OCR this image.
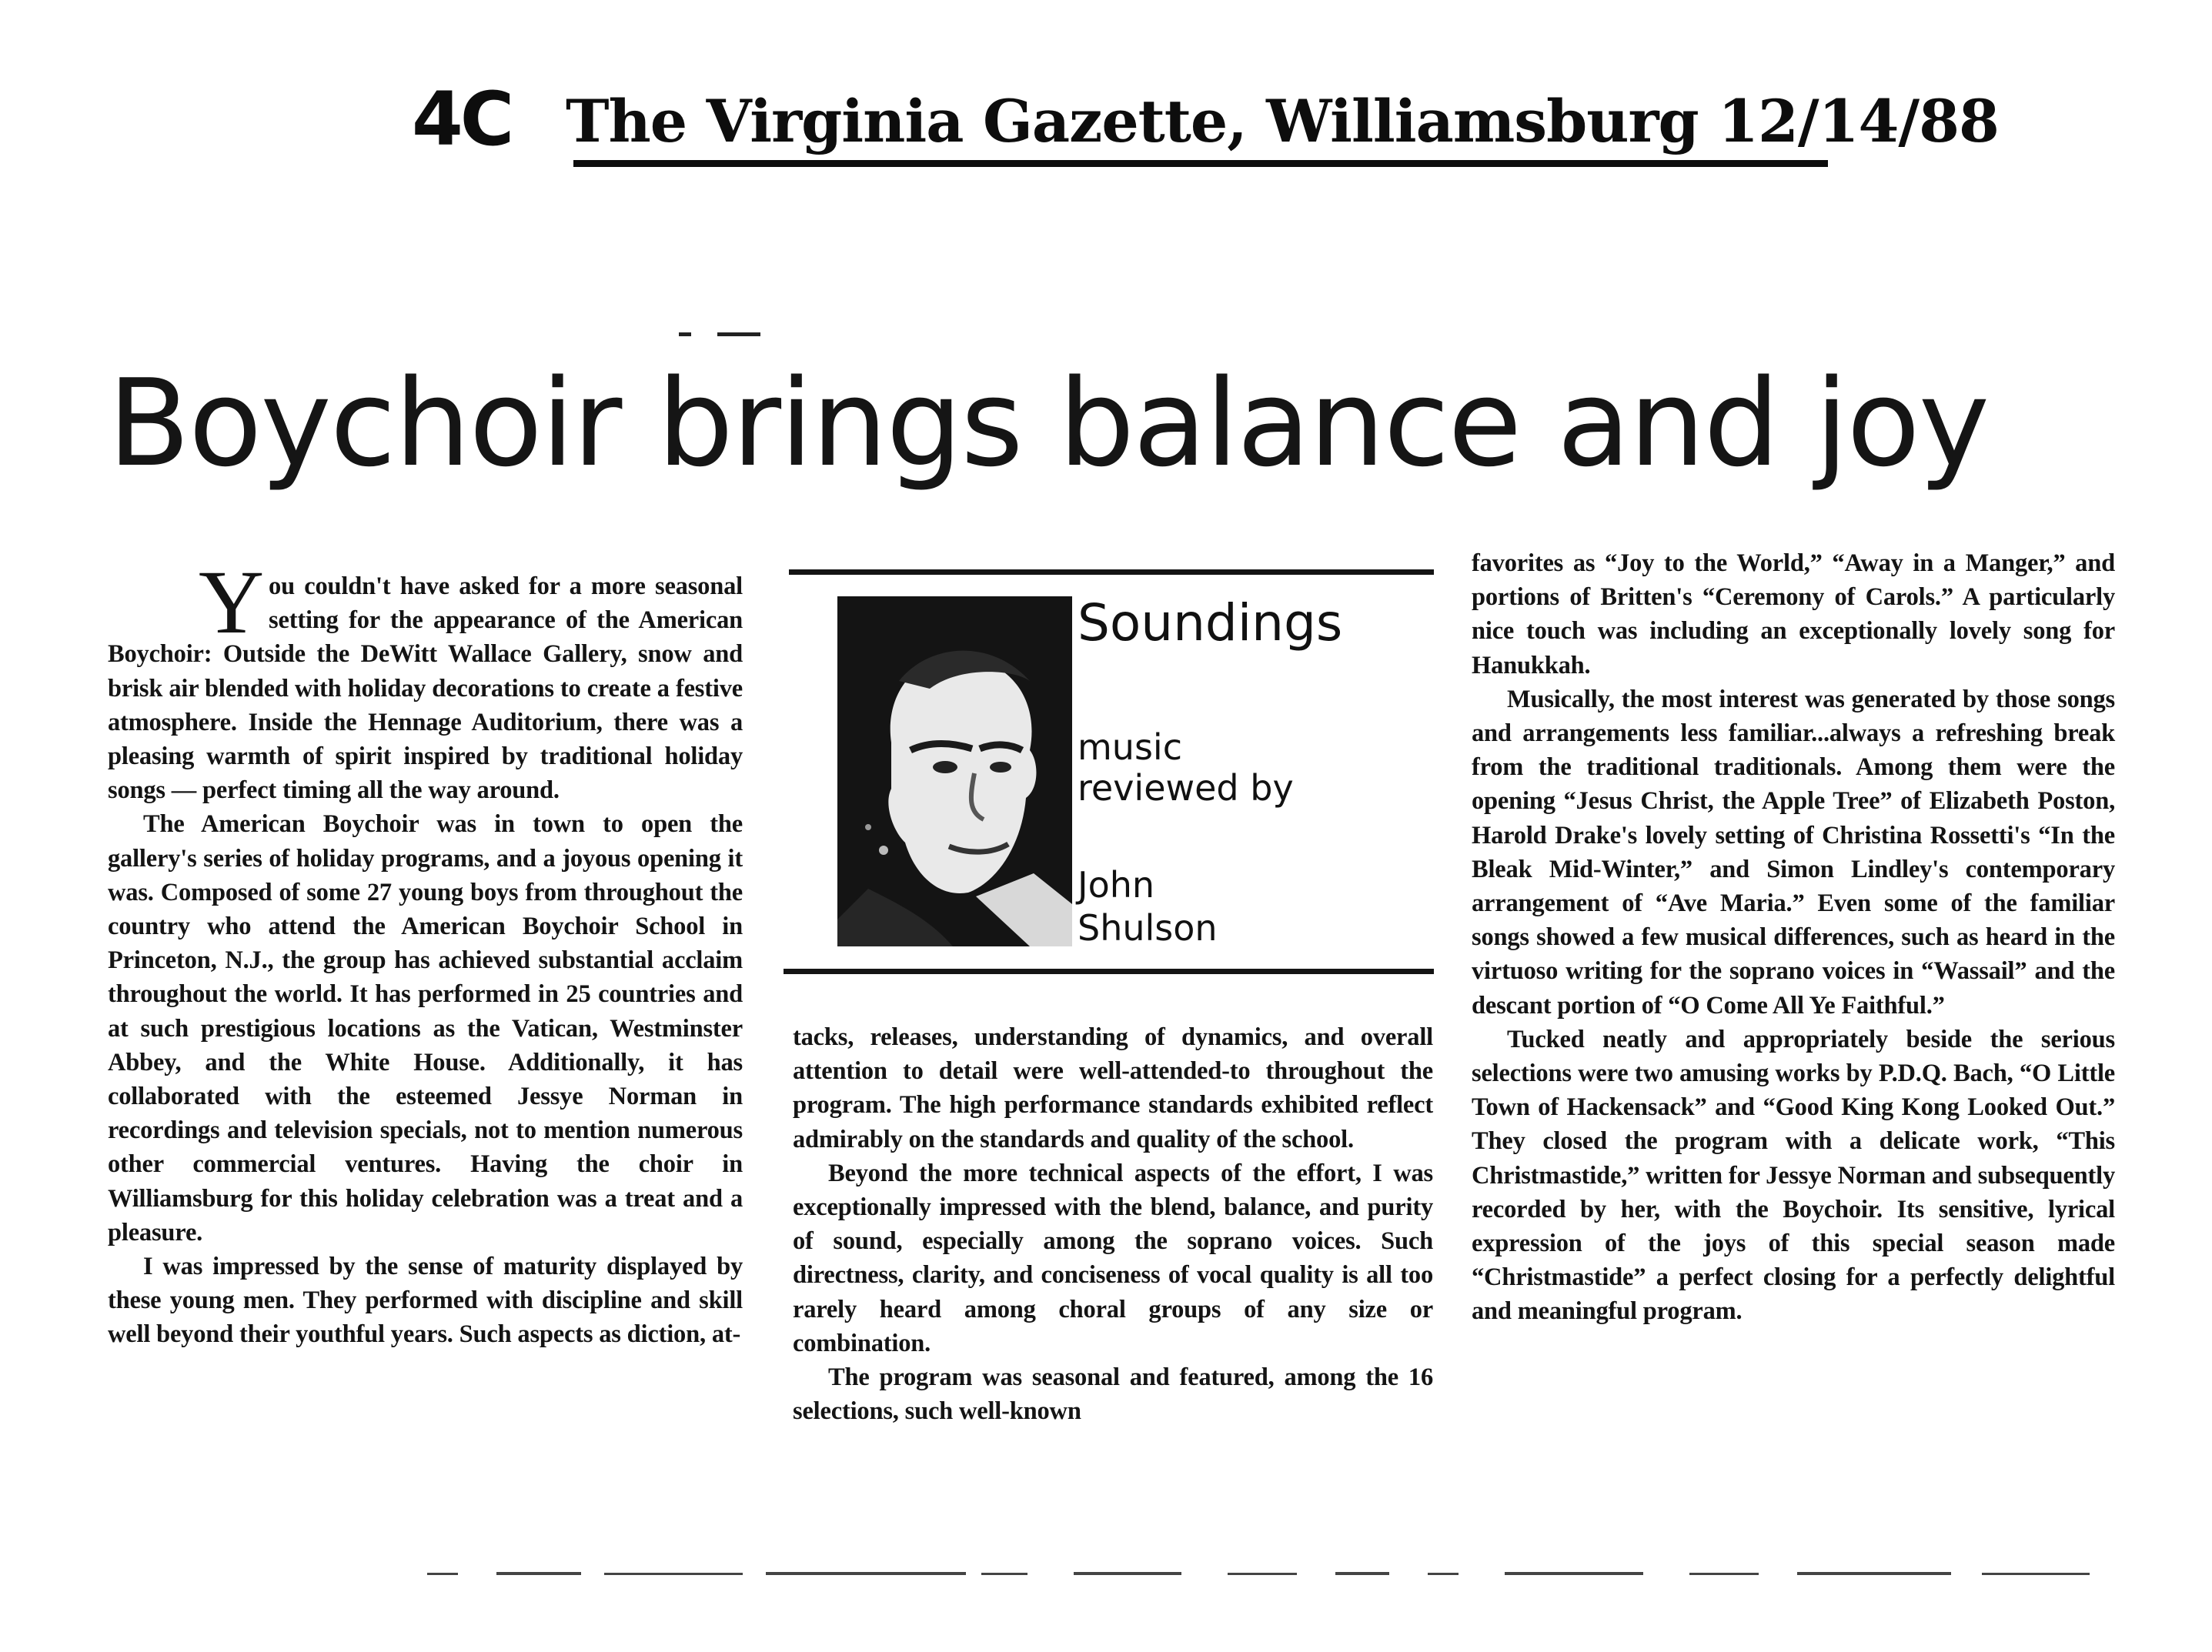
4C The Virginia Gazette, Williamsburg 12/14/88
Boychoir brings balance and joy

You couldn't have asked for a more seasonal setting for the appearance of the American Boychoir: Outside the DeWitt Wallace Gallery, snow and brisk air blended with holiday decorations to create a festive atmosphere. Inside the Hennage Auditorium, there was a pleasing warmth of spirit inspired by traditional holiday songs — perfect timing all the way around.

The American Boychoir was in town to open the gallery's series of holiday programs, and a joyous opening it was. Composed of some 27 young boys from throughout the country who attend the American Boychoir School in Princeton, N.J., the group has achieved substantial acclaim throughout the world. It has performed in 25 countries and at such prestigious locations as the Vatican, Westminster Abbey, and the White House. Additionally, it has collaborated with the esteemed Jessye Norman in recordings and television specials, not to mention numerous other commercial ventures. Having the choir in Williamsburg for this holiday celebration was a treat and a pleasure.

I was impressed by the sense of maturity displayed by these young men. They performed with discipline and skill well beyond their youthful years. Such aspects as diction, at-

Soundings
music
reviewed by
John
Shulson

tacks, releases, understanding of dynamics, and overall attention to detail were well-attended-to throughout the program. The high performance standards exhibited reflect admirably on the standards and quality of the school.

Beyond the more technical aspects of the effort, I was exceptionally impressed with the blend, balance, and purity of sound, especially among the soprano voices. Such directness, clarity, and conciseness of vocal quality is all too rarely heard among choral groups of any size or combination.

The program was seasonal and featured, among the 16 selections, such well-known

favorites as “Joy to the World,” “Away in a Manger,” and portions of Britten's “Ceremony of Carols.” A particularly nice touch was including an exceptionally lovely song for Hanukkah.

Musically, the most interest was generated by those songs and arrangements less familiar...always a refreshing break from the traditional traditionals. Among them were the opening “Jesus Christ, the Apple Tree” of Elizabeth Poston, Harold Drake's lovely setting of Christina Rossetti's “In the Bleak Mid-Winter,” and Simon Lindley's contemporary arrangement of “Ave Maria.” Even some of the familiar songs showed a few musical differences, such as heard in the virtuoso writing for the soprano voices in “Wassail” and the descant portion of “O Come All Ye Faithful.”

Tucked neatly and appropriately beside the serious selections were two amusing works by P.D.Q. Bach, “O Little Town of Hackensack” and “Good King Kong Looked Out.” They closed the program with a delicate work, “This Christmastide,” written for Jessye Norman and subsequently recorded by her, with the Boychoir. Its sensitive, lyrical expression of the joys of this special season made “Christmastide” a perfect closing for a perfectly delightful and meaningful program.
